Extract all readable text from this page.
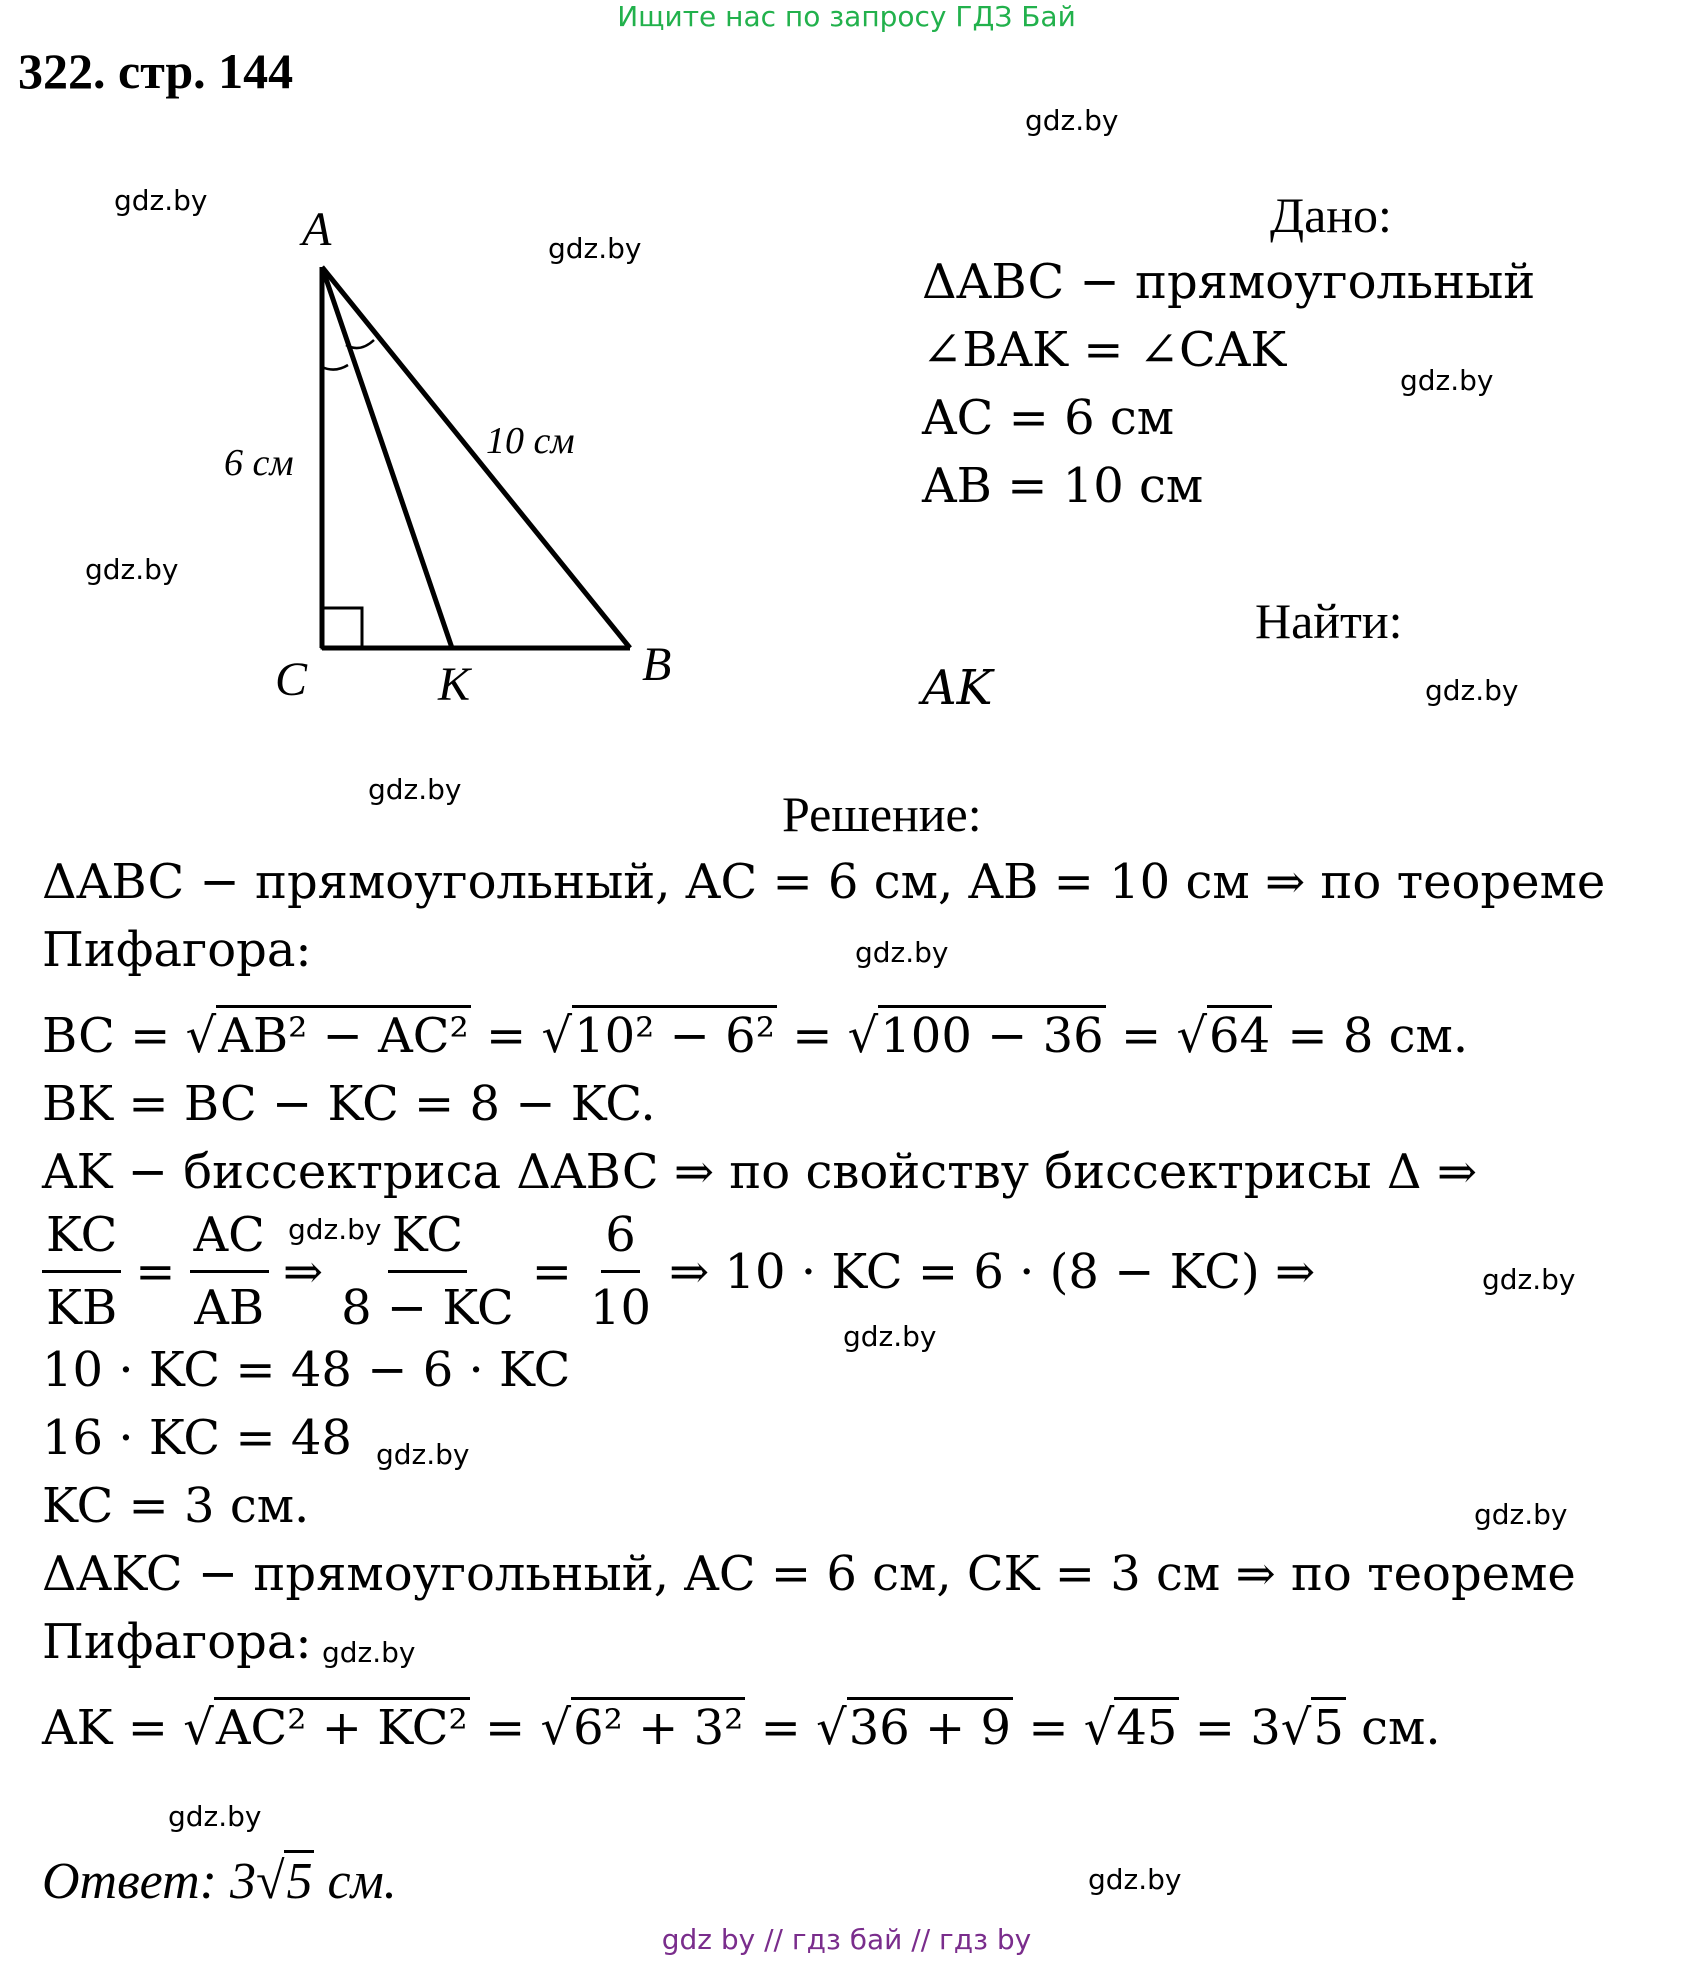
Ищите нас по запросу ГДЗ Бай
322. стр. 144
gdz.by
gdz.by
gdz.by
gdz.by
gdz.by
gdz.by
gdz.by
gdz.by
gdz.by
gdz.by
gdz.by
gdz.by
gdz.by
gdz.by
gdz.by
gdz.by
A
C	K	B
6 см
10 см
Дано:
ΔABC − прямоугольный
∠BAK = ∠CAK
AC = 6 см
AB = 10 см
Найти:
AK
Решение:
ΔABC − прямоугольный, AC = 6 см, AB = 10 см ⇒ по теореме
Пифагора:
BC = √AB² − AC² = √10² − 6² = √100 − 36 = √64 = 8 см.
BK = BC − KC = 8 − KC.
AK − биссектриса ΔABC ⇒ по свойству биссектрисы Δ ⇒
$\frac{KC}{KB} = \frac{AC}{AB}$ ⇒ $\frac{KC}{8 - KC} = \frac{6}{10}$ ⇒ 10 · KC = 6 · (8 − KC) ⇒
10 · KC = 48 − 6 · KC
16 · KC = 48
KC = 3 см.
ΔAKC − прямоугольный, AC = 6 см, CK = 3 см ⇒ по теореме
Пифагора:
AK = √AC² + KC² = √6² + 3² = √36 + 9 = √45 = 3√5 см.
Ответ: 3√5 см.
gdz by // гдз бай // гдз by
